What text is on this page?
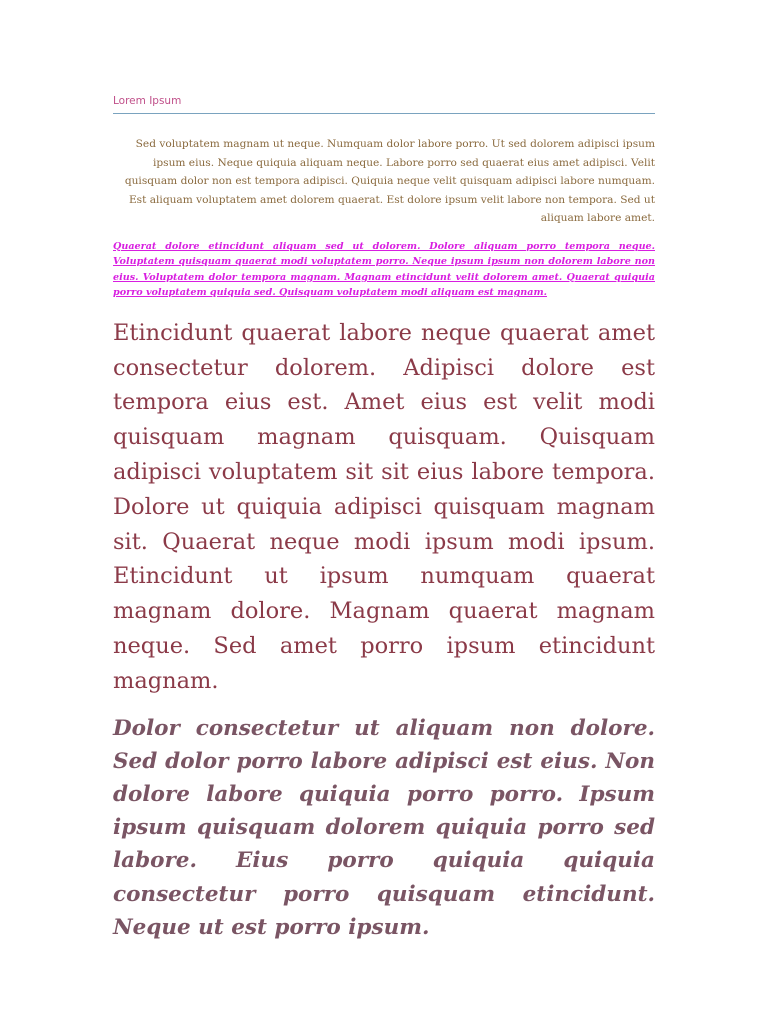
Lorem Ipsum

Sed voluptatem magnam ut neque. Numquam dolor labore porro. Ut sed dolorem adipisci ipsum ipsum eius. Neque quiquia aliquam neque. Labore porro sed quaerat eius amet adipisci. Velit quisquam dolor non est tempora adipisci. Quiquia neque velit quisquam adipisci labore numquam. Est aliquam voluptatem amet dolorem quaerat. Est dolore ipsum velit labore non tempora. Sed ut aliquam labore amet.

Quaerat dolore etincidunt aliquam sed ut dolorem. Dolore aliquam porro tempora neque. Voluptatem quisquam quaerat modi voluptatem porro. Neque ipsum ipsum non dolorem labore non eius. Voluptatem dolor tempora magnam. Magnam etincidunt velit dolorem amet. Quaerat quiquia porro voluptatem quiquia sed. Quisquam voluptatem modi aliquam est magnam.

Etincidunt quaerat labore neque quaerat amet consectetur dolorem. Adipisci dolore est tempora eius est. Amet eius est velit modi quisquam magnam quisquam. Quisquam adipisci voluptatem sit sit eius labore tempora. Dolore ut quiquia adipisci quisquam magnam sit. Quaerat neque modi ipsum modi ipsum. Etincidunt ut ipsum numquam quaerat magnam dolore. Magnam quaerat magnam neque. Sed amet porro ipsum etincidunt magnam.

Dolor consectetur ut aliquam non dolore. Sed dolor porro labore adipisci est eius. Non dolore labore quiquia porro porro. Ipsum ipsum quisquam dolorem quiquia porro sed labore. Eius porro quiquia quiquia consectetur porro quisquam etincidunt. Neque ut est porro ipsum.
